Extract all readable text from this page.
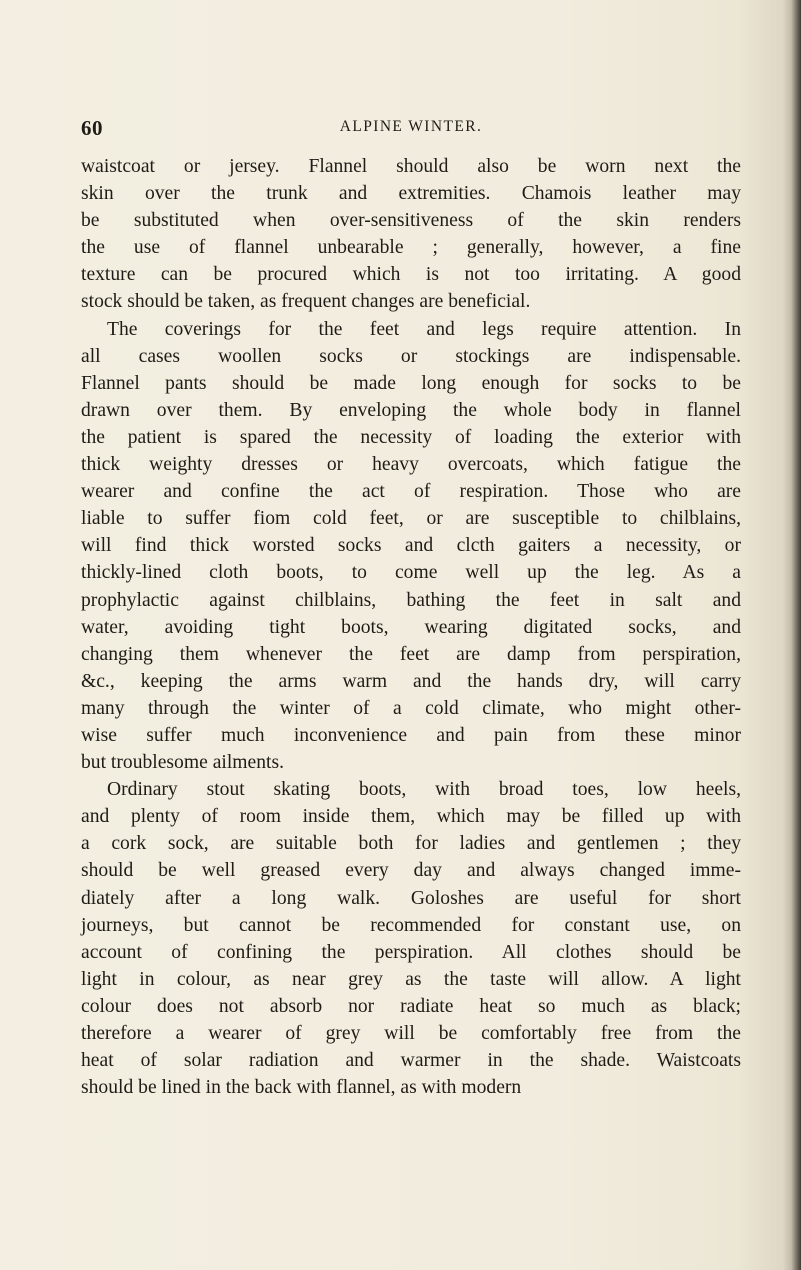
60	ALPINE WINTER.
waistcoat or jersey. Flannel should also be worn next the
skin over the trunk and extremities. Chamois leather may
be substituted when over-sensitiveness of the skin renders
the use of flannel unbearable ; generally, however, a fine
texture can be procured which is not too irritating. A good
stock should be taken, as frequent changes are beneficial.
The coverings for the feet and legs require attention. In
all cases woollen socks or stockings are indispensable.
Flannel pants should be made long enough for socks to be
drawn over them. By enveloping the whole body in flannel
the patient is spared the necessity of loading the exterior with
thick weighty dresses or heavy overcoats, which fatigue the
wearer and confine the act of respiration. Those who are
liable to suffer fiom cold feet, or are susceptible to chilblains,
will find thick worsted socks and clcth gaiters a necessity, or
thickly-lined cloth boots, to come well up the leg. As a
prophylactic against chilblains, bathing the feet in salt and
water, avoiding tight boots, wearing digitated socks, and
changing them whenever the feet are damp from perspiration,
&c., keeping the arms warm and the hands dry, will carry
many through the winter of a cold climate, who might other-
wise suffer much inconvenience and pain from these minor
but troublesome ailments.
Ordinary stout skating boots, with broad toes, low heels,
and plenty of room inside them, which may be filled up with
a cork sock, are suitable both for ladies and gentlemen ; they
should be well greased every day and always changed imme-
diately after a long walk. Goloshes are useful for short
journeys, but cannot be recommended for constant use, on
account of confining the perspiration. All clothes should be
light in colour, as near grey as the taste will allow. A light
colour does not absorb nor radiate heat so much as black;
therefore a wearer of grey will be comfortably free from the
heat of solar radiation and warmer in the shade. Waistcoats
should be lined in the back with flannel, as with modern
